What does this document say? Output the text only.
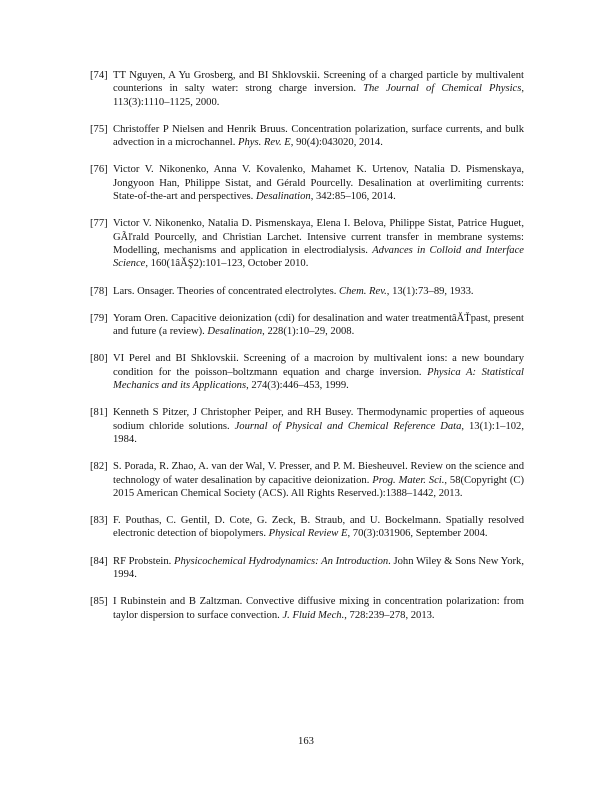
[74] TT Nguyen, A Yu Grosberg, and BI Shklovskii. Screening of a charged particle by multivalent counterions in salty water: strong charge inversion. The Journal of Chemical Physics, 113(3):1110–1125, 2000.

[75] Christoffer P Nielsen and Henrik Bruus. Concentration polarization, surface currents, and bulk advection in a microchannel. Phys. Rev. E, 90(4):043020, 2014.

[76] Victor V. Nikonenko, Anna V. Kovalenko, Mahamet K. Urtenov, Natalia D. Pismenskaya, Jongyoon Han, Philippe Sistat, and Gérald Pourcelly. Desalination at overlimiting currents: State-of-the-art and perspectives. Desalination, 342:85–106, 2014.

[77] Victor V. Nikonenko, Natalia D. Pismenskaya, Elena I. Belova, Philippe Sistat, Patrice Huguet, GÃľrald Pourcelly, and Christian Larchet. Intensive current transfer in membrane systems: Modelling, mechanisms and application in electrodialysis. Advances in Colloid and Interface Science, 160(1âĂŞ2):101–123, October 2010.

[78] Lars. Onsager. Theories of concentrated electrolytes. Chem. Rev., 13(1):73–89, 1933.

[79] Yoram Oren. Capacitive deionization (cdi) for desalination and water treatmentâĂŤpast, present and future (a review). Desalination, 228(1):10–29, 2008.

[80] VI Perel and BI Shklovskii. Screening of a macroion by multivalent ions: a new boundary condition for the poisson–boltzmann equation and charge inversion. Physica A: Statistical Mechanics and its Applications, 274(3):446–453, 1999.

[81] Kenneth S Pitzer, J Christopher Peiper, and RH Busey. Thermodynamic properties of aqueous sodium chloride solutions. Journal of Physical and Chemical Reference Data, 13(1):1–102, 1984.

[82] S. Porada, R. Zhao, A. van der Wal, V. Presser, and P. M. Biesheuvel. Review on the science and technology of water desalination by capacitive deionization. Prog. Mater. Sci., 58(Copyright (C) 2015 American Chemical Society (ACS). All Rights Reserved.):1388–1442, 2013.

[83] F. Pouthas, C. Gentil, D. Cote, G. Zeck, B. Straub, and U. Bockelmann. Spatially resolved electronic detection of biopolymers. Physical Review E, 70(3):031906, September 2004.

[84] RF Probstein. Physicochemical Hydrodynamics: An Introduction. John Wiley & Sons New York, 1994.

[85] I Rubinstein and B Zaltzman. Convective diffusive mixing in concentration polarization: from taylor dispersion to surface convection. J. Fluid Mech., 728:239–278, 2013.

163
